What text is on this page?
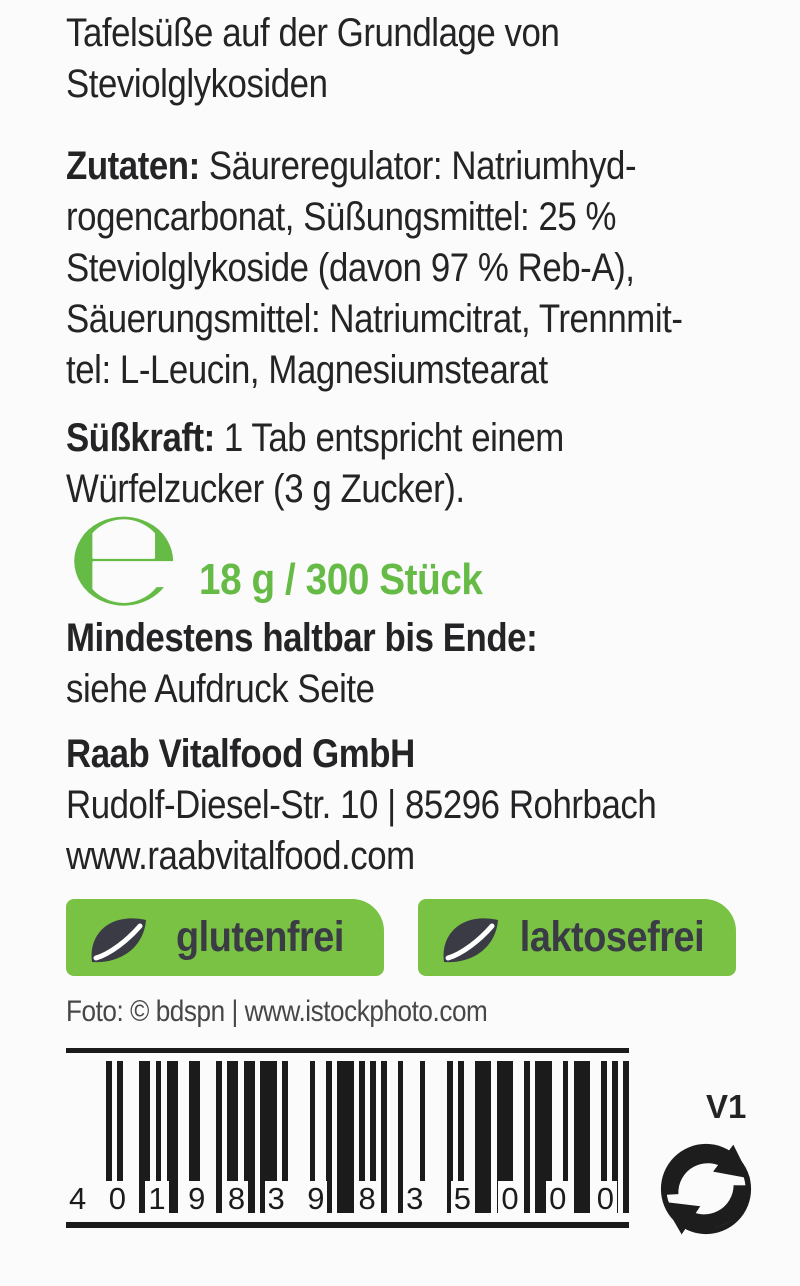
Tafelsüße auf der Grundlage von
Steviolglykosiden
Zutaten: Säureregulator: Natriumhyd-
rogencarbonat, Süßungsmittel: 25 %
Steviolglykoside (davon 97 % Reb-A),
Säuerungsmittel: Natriumcitrat, Trennmit-
tel: L-Leucin, Magnesiumstearat
Süßkraft: 1 Tab entspricht einem
Würfelzucker (3 g Zucker).
℮ 18 g / 300 Stück
Mindestens haltbar bis Ende:
siehe Aufdruck Seite
Raab Vitalfood GmbH
Rudolf-Diesel-Str. 10 | 85296 Rohrbach
www.raabvitalfood.com
glutenfrei	laktosefrei
Foto: © bdspn | www.istockphoto.com
4 0 1 9 8 3 9 8 3 5 0 0 0
V1
